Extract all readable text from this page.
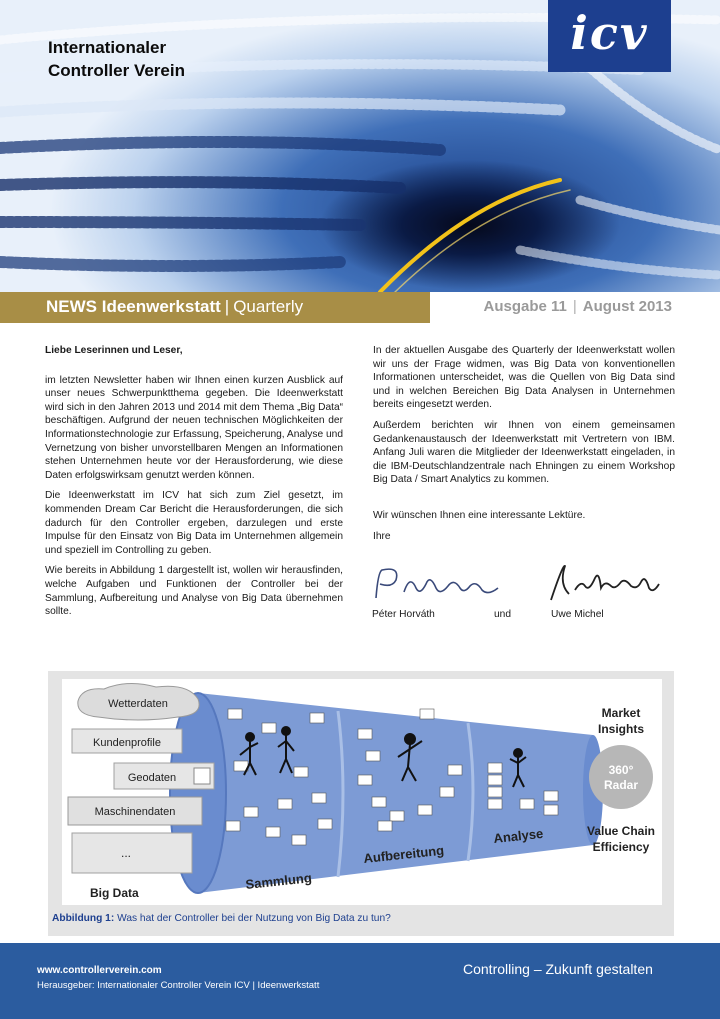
Internationaler
Controller Verein
icv
NEWS Ideenwerkstatt | Quarterly	Ausgabe 11 | August 2013

Liebe Leserinnen und Leser,

im letzten Newsletter haben wir Ihnen einen kurzen Ausblick auf unser neues Schwerpunktthema gegeben. Die Ideenwerkstatt wird sich in den Jahren 2013 und 2014 mit dem Thema „Big Data“ beschäftigen. Aufgrund der neuen technischen Möglichkeiten der Informationstechnologie zur Erfassung, Speicherung, Analyse und Vernetzung von bisher unvorstellbaren Mengen an Informationen stehen Unternehmen heute vor der Herausforderung, wie diese Daten erfolgswirksam genutzt werden können.

Die Ideenwerkstatt im ICV hat sich zum Ziel gesetzt, im kommenden Dream Car Bericht die Herausforderungen, die sich dadurch für den Controller ergeben, darzulegen und erste Impulse für den Einsatz von Big Data im Unternehmen allgemein und speziell im Controlling zu geben.

Wie bereits in Abbildung 1 dargestellt ist, wollen wir herausfinden, welche Aufgaben und Funktionen der Controller bei der Sammlung, Aufbereitung und Analyse von Big Data übernehmen sollte.

In der aktuellen Ausgabe des Quarterly der Ideenwerkstatt wollen wir uns der Frage widmen, was Big Data von konventionellen Informationen unterscheidet, was die Quellen von Big Data sind und in welchen Bereichen Big Data Analysen in Unternehmen bereits eingesetzt werden.

Außerdem berichten wir Ihnen von einem gemeinsamen Gedankenaustausch der Ideenwerkstatt mit Vertretern von IBM. Anfang Juli waren die Mitglieder der Ideenwerkstatt eingeladen, in die IBM-Deutschlandzentrale nach Ehningen zu einem Workshop Big Data / Smart Analytics zu kommen.

Wir wünschen Ihnen eine interessante Lektüre.

Ihre

Péter Horváth	und	Uwe Michel
Wetterdaten
Kundenprofile
Geodaten
Maschinendaten
...
Big Data
Sammlung
Aufbereitung
Analyse
Market
Insights
360°
Radar
Value Chain
Efficiency
Abbildung 1: Was hat der Controller bei der Nutzung von Big Data zu tun?
www.controllerverein.com
Herausgeber: Internationaler Controller Verein ICV | Ideenwerkstatt
Controlling – Zukunft gestalten
